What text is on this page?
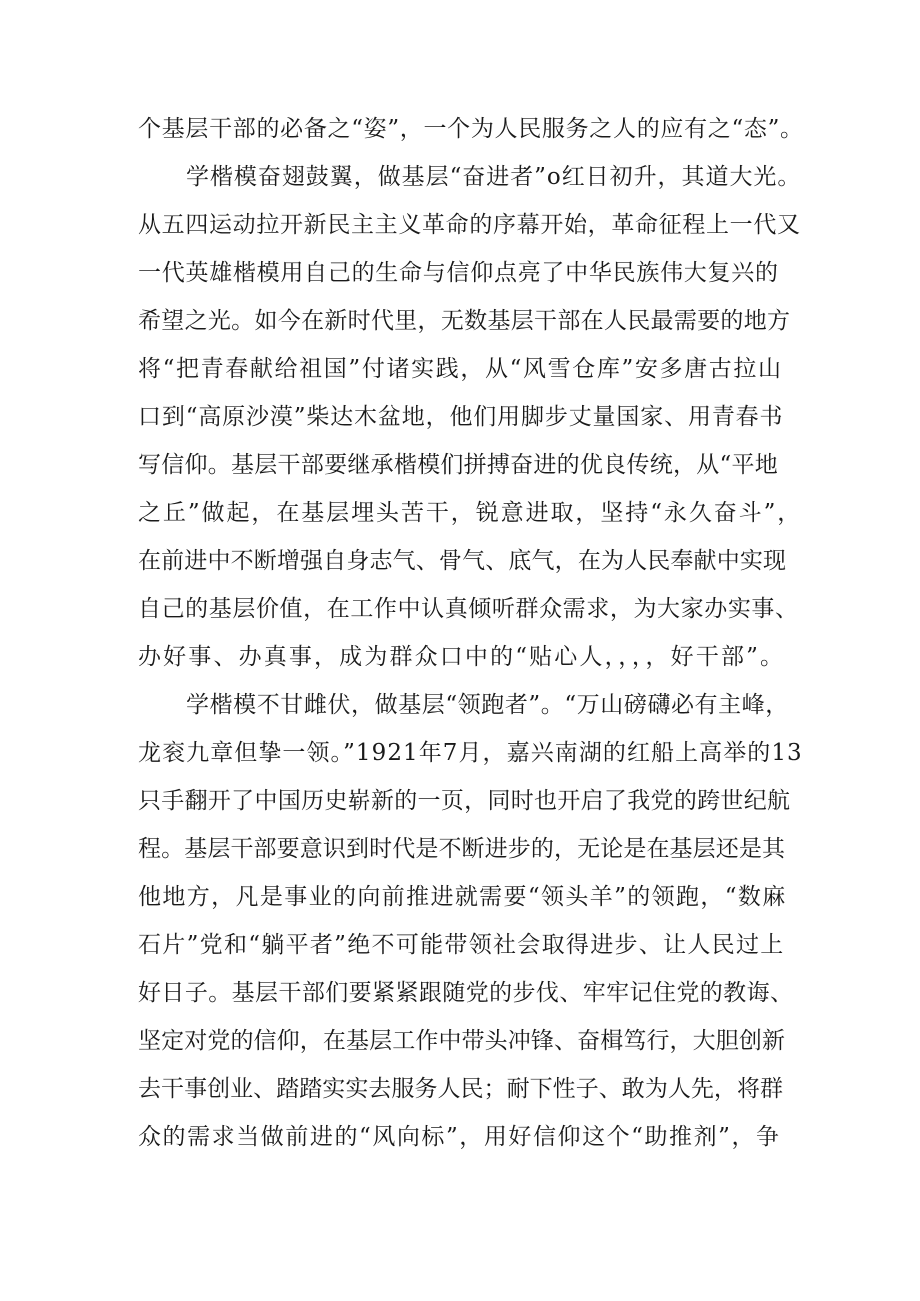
个基层干部的必备之“姿”，一个为人民服务之人的应有之“态”。
学楷模奋翅鼓翼，做基层“奋进者”o红日初升，其道大光。
从五四运动拉开新民主主义革命的序幕开始，革命征程上一代又
一代英雄楷模用自己的生命与信仰点亮了中华民族伟大复兴的
希望之光。如今在新时代里，无数基层干部在人民最需要的地方
将“把青春献给祖国”付诸实践，从“风雪仓库”安多唐古拉山
口到“高原沙漠”柴达木盆地，他们用脚步丈量国家、用青春书
写信仰。基层干部要继承楷模们拼搏奋进的优良传统，从“平地
之丘”做起，在基层埋头苦干，锐意进取，坚持“永久奋斗”，
在前进中不断增强自身志气、骨气、底气，在为人民奉献中实现
自己的基层价值，在工作中认真倾听群众需求，为大家办实事、
办好事、办真事，成为群众口中的“贴心人，，，，好干部”。
学楷模不甘雌伏，做基层“领跑者”。“万山磅礴必有主峰，
龙衮九章但挚一领。”1921年7月，嘉兴南湖的红船上高举的13
只手翻开了中国历史崭新的一页，同时也开启了我党的跨世纪航
程。基层干部要意识到时代是不断进步的，无论是在基层还是其
他地方，凡是事业的向前推进就需要“领头羊”的领跑，“数麻
石片”党和“躺平者”绝不可能带领社会取得进步、让人民过上
好日子。基层干部们要紧紧跟随党的步伐、牢牢记住党的教诲、
坚定对党的信仰，在基层工作中带头冲锋、奋楫笃行，大胆创新
去干事创业、踏踏实实去服务人民；耐下性子、敢为人先，将群
众的需求当做前进的“风向标”，用好信仰这个“助推剂”，争
